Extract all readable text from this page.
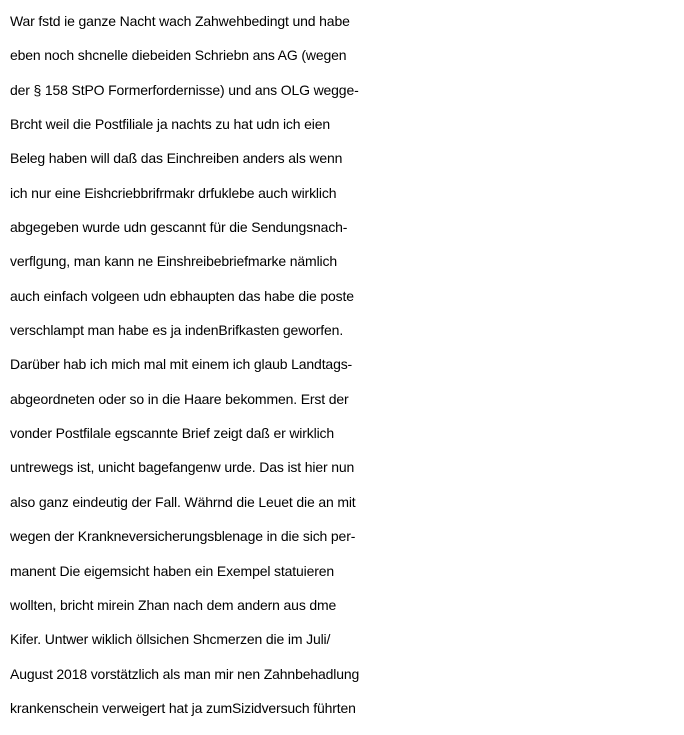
War fstd ie ganze Nacht wach Zahwehbedingt und habe
eben noch shcnelle diebeiden Schriebn ans AG (wegen
der § 158 StPO Formerfordernisse) und ans OLG wegge-
Brcht weil die Postfiliale ja nachts zu hat udn ich eien
Beleg haben will daß das Einchreiben anders als wenn
ich nur eine Eishcriebbrifrmakr drfuklebe auch wirklich
abgegeben wurde udn gescannt für die Sendungsnach-
verflgung, man kann ne Einshreibebriefmarke nämlich
auch einfach volgeen udn ebhaupten das habe die poste
verschlampt man habe es ja indenBrifkasten geworfen.
Darüber hab ich mich mal mit einem ich glaub Landtags-
abgeordneten oder so in die Haare bekommen. Erst der
vonder Postfilale egscannte Brief zeigt daß er wirklich
untrewegs ist, unicht bagefangenw urde. Das ist hier nun
also ganz eindeutig der Fall. Währnd die Leuet die an mit
wegen der Krankneversicherungsblenage in die sich per-
manent Die eigemsicht haben ein Exempel statuieren
wollten, bricht mirein Zhan nach dem andern aus dme
Kifer. Untwer wiklich öllsichen Shcmerzen die im Juli/
August 2018 vorstätzlich als man mir nen Zahnbehadlung
krankenschein verweigert hat ja zumSizidversuch führten
